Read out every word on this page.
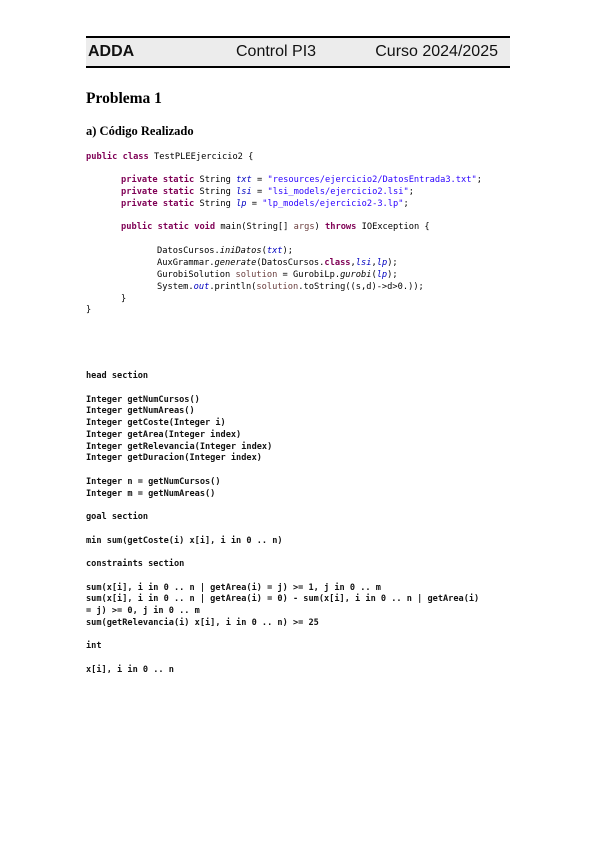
ADDA	Control PI3	Curso 2024/2025
Problema 1
a) Código Realizado
public class TestPLEEjercicio2 {
private static String txt = "resources/ejercicio2/DatosEntrada3.txt";
private static String lsi = "lsi_models/ejercicio2.lsi";
private static String lp = "lp_models/ejercicio2-3.lp";
public static void main(String[] args) throws IOException {
DatosCursos.iniDatos(txt);
AuxGrammar.generate(DatosCursos.class,lsi,lp);
GurobiSolution solution = GurobiLp.gurobi(lp);
System.out.println(solution.toString((s,d)->d>0.));
}
}
head section
Integer getNumCursos()
Integer getNumAreas()
Integer getCoste(Integer i)
Integer getArea(Integer index)
Integer getRelevancia(Integer index)
Integer getDuracion(Integer index)
Integer n = getNumCursos()
Integer m = getNumAreas()
goal section
min sum(getCoste(i) x[i], i in 0 .. n)
constraints section
sum(x[i], i in 0 .. n | getArea(i) = j) >= 1, j in 0 .. m
sum(x[i], i in 0 .. n | getArea(i) = 0) - sum(x[i], i in 0 .. n | getArea(i)
= j) >= 0, j in 0 .. m
sum(getRelevancia(i) x[i], i in 0 .. n) >= 25
int
x[i], i in 0 .. n
